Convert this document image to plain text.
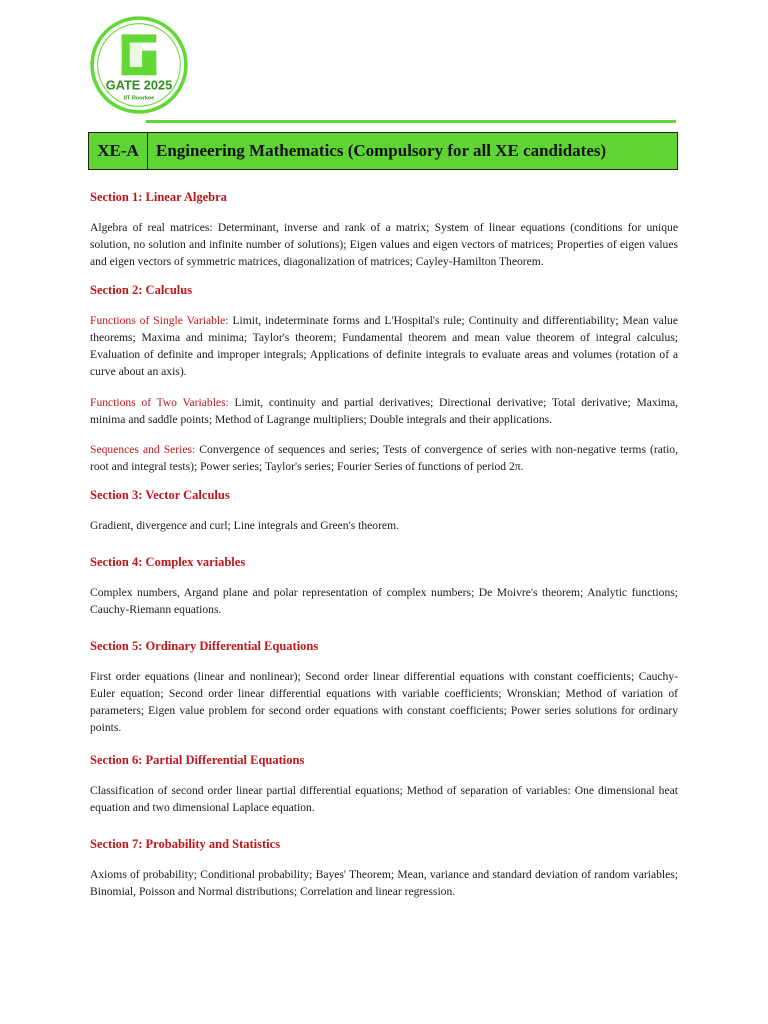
GATE 2025
IIT Roorkee
XE-A	Engineering Mathematics (Compulsory for all XE candidates)

Section 1: Linear Algebra

Algebra of real matrices: Determinant, inverse and rank of a matrix; System of linear equations (conditions for unique solution, no solution and infinite number of solutions); Eigen values and eigen vectors of matrices; Properties of eigen values and eigen vectors of symmetric matrices, diagonalization of matrices; Cayley-Hamilton Theorem.

Section 2: Calculus

Functions of Single Variable: Limit, indeterminate forms and L'Hospital's rule; Continuity and differentiability; Mean value theorems; Maxima and minima; Taylor's theorem; Fundamental theorem and mean value theorem of integral calculus; Evaluation of definite and improper integrals; Applications of definite integrals to evaluate areas and volumes (rotation of a curve about an axis).

Functions of Two Variables: Limit, continuity and partial derivatives; Directional derivative; Total derivative; Maxima, minima and saddle points; Method of Lagrange multipliers; Double integrals and their applications.

Sequences and Series: Convergence of sequences and series; Tests of convergence of series with non-negative terms (ratio, root and integral tests); Power series; Taylor's series; Fourier Series of functions of period 2π.

Section 3: Vector Calculus

Gradient, divergence and curl; Line integrals and Green's theorem.

Section 4: Complex variables

Complex numbers, Argand plane and polar representation of complex numbers; De Moivre's theorem; Analytic functions; Cauchy-Riemann equations.

Section 5: Ordinary Differential Equations

First order equations (linear and nonlinear); Second order linear differential equations with constant coefficients; Cauchy-Euler equation; Second order linear differential equations with variable coefficients; Wronskian; Method of variation of parameters; Eigen value problem for second order equations with constant coefficients; Power series solutions for ordinary points.

Section 6: Partial Differential Equations

Classification of second order linear partial differential equations; Method of separation of variables: One dimensional heat equation and two dimensional Laplace equation.

Section 7: Probability and Statistics

Axioms of probability; Conditional probability; Bayes' Theorem; Mean, variance and standard deviation of random variables; Binomial, Poisson and Normal distributions; Correlation and linear regression.
